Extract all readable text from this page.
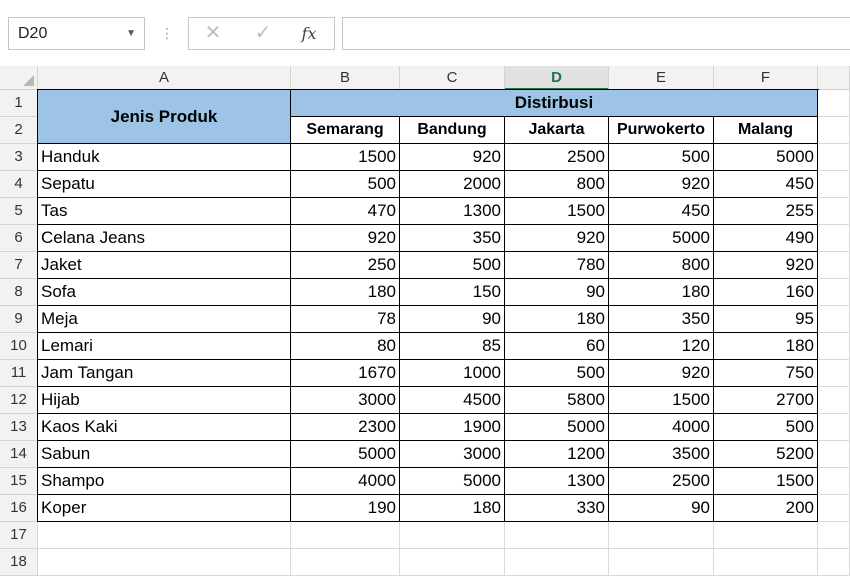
D20	▼ ⋮	✕	✓	fx
A	B	C	D	E	F
1
2
3
4
5
6
7
8
9
10
11
12
13
14
15
16
17
18
Jenis Produk
Distirbusi
Semarang	Bandung	Jakarta	Purwokerto	Malang
Handuk	1500	920	2500	500	5000
Sepatu	500	2000	800	920	450
Tas	470	1300	1500	450	255
Celana Jeans	920	350	920	5000	490
Jaket	250	500	780	800	920
Sofa	180	150	90	180	160
Meja	78	90	180	350	95
Lemari	80	85	60	120	180
Jam Tangan	1670	1000	500	920	750
Hijab	3000	4500	5800	1500	2700
Kaos Kaki	2300	1900	5000	4000	500
Sabun	5000	3000	1200	3500	5200
Shampo	4000	5000	1300	2500	1500
Koper	190	180	330	90	200
